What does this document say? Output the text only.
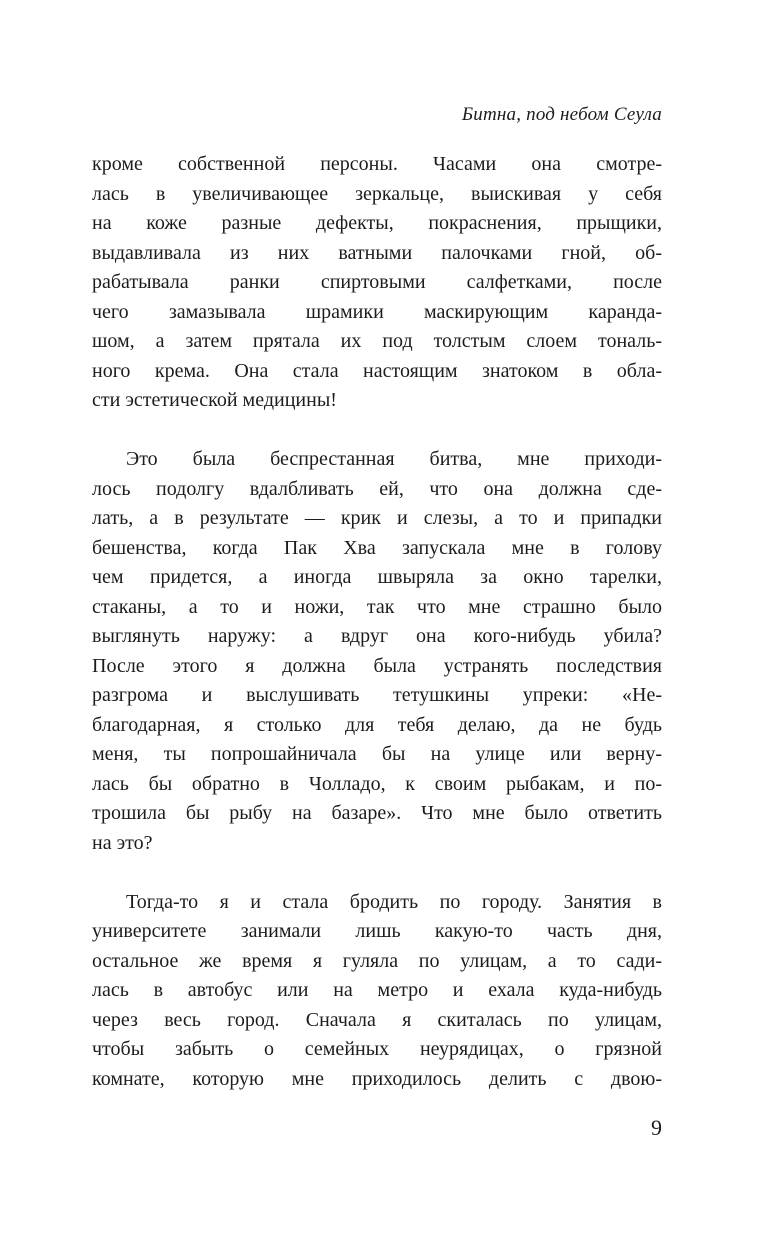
Битна, под небом Сеула
кроме собственной персоны. Часами она смотре-
лась в увеличивающее зеркальце, выискивая у себя
на коже разные дефекты, покраснения, прыщики,
выдавливала из них ватными палочками гной, об-
рабатывала ранки спиртовыми салфетками, после
чего замазывала шрамики маскирующим каранда-
шом, а затем прятала их под толстым слоем тональ-
ного крема. Она стала настоящим знатоком в обла-
сти эстетической медицины!
Это была беспрестанная битва, мне приходи-
лось подолгу вдалбливать ей, что она должна сде-
лать, а в результате — крик и слезы, а то и припадки
бешенства, когда Пак Хва запускала мне в голову
чем придется, а иногда швыряла за окно тарелки,
стаканы, а то и ножи, так что мне страшно было
выглянуть наружу: а вдруг она кого-нибудь убила?
После этого я должна была устранять последствия
разгрома и выслушивать тетушкины упреки: «Не-
благодарная, я столько для тебя делаю, да не будь
меня, ты попрошайничала бы на улице или верну-
лась бы обратно в Чолладо, к своим рыбакам, и по-
трошила бы рыбу на базаре». Что мне было ответить
на это?
Тогда-то я и стала бродить по городу. Занятия в
университете занимали лишь какую-то часть дня,
остальное же время я гуляла по улицам, а то сади-
лась в автобус или на метро и ехала куда-нибудь
через весь город. Сначала я скиталась по улицам,
чтобы забыть о семейных неурядицах, о грязной
комнате, которую мне приходилось делить с двою-
9
